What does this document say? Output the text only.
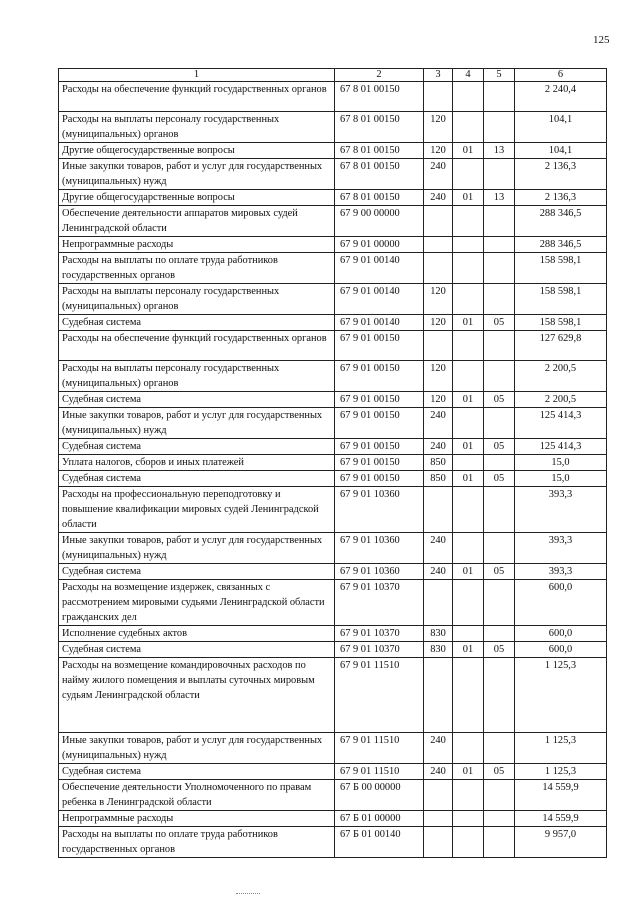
125
1	2	3	4	5	6
Расходы на обеспечение функций государственных органов	67 8 01 00150				2 240,4
Расходы на выплаты персоналу государственных (муниципальных) органов	67 8 01 00150	120			104,1
Другие общегосударственные вопросы	67 8 01 00150	120	01	13	104,1
Иные закупки товаров, работ и услуг для государственных (муниципальных) нужд	67 8 01 00150	240			2 136,3
Другие общегосударственные вопросы	67 8 01 00150	240	01	13	2 136,3
Обеспечение деятельности аппаратов мировых судей Ленинградской области	67 9 00 00000				288 346,5
Непрограммные расходы	67 9 01 00000				288 346,5
Расходы на выплаты по оплате труда работников государственных органов	67 9 01 00140				158 598,1
Расходы на выплаты персоналу государственных (муниципальных) органов	67 9 01 00140	120			158 598,1
Судебная система	67 9 01 00140	120	01	05	158 598,1
Расходы на обеспечение функций государственных органов	67 9 01 00150				127 629,8
Расходы на выплаты персоналу государственных (муниципальных) органов	67 9 01 00150	120			2 200,5
Судебная система	67 9 01 00150	120	01	05	2 200,5
Иные закупки товаров, работ и услуг для государственных (муниципальных) нужд	67 9 01 00150	240			125 414,3
Судебная система	67 9 01 00150	240	01	05	125 414,3
Уплата налогов, сборов и иных платежей	67 9 01 00150	850			15,0
Судебная система	67 9 01 00150	850	01	05	15,0
Расходы на профессиональную переподготовку и повышение квалификации мировых судей Ленинградской области	67 9 01 10360				393,3
Иные закупки товаров, работ и услуг для государственных (муниципальных) нужд	67 9 01 10360	240			393,3
Судебная система	67 9 01 10360	240	01	05	393,3
Расходы на возмещение издержек, связанных с рассмотрением мировыми судьями Ленинградской области гражданских дел	67 9 01 10370				600,0
Исполнение судебных актов	67 9 01 10370	830			600,0
Судебная система	67 9 01 10370	830	01	05	600,0
Расходы на возмещение командировочных расходов по найму жилого помещения и выплаты суточных мировым судьям Ленинградской области	67 9 01 11510				1 125,3
Иные закупки товаров, работ и услуг для государственных (муниципальных) нужд	67 9 01 11510	240			1 125,3
Судебная система	67 9 01 11510	240	01	05	1 125,3
Обеспечение деятельности Уполномоченного по правам ребенка в Ленинградской области	67 Б 00 00000				14 559,9
Непрограммные расходы	67 Б 01 00000				14 559,9
Расходы на выплаты по оплате труда работников государственных органов	67 Б 01 00140				9 957,0
